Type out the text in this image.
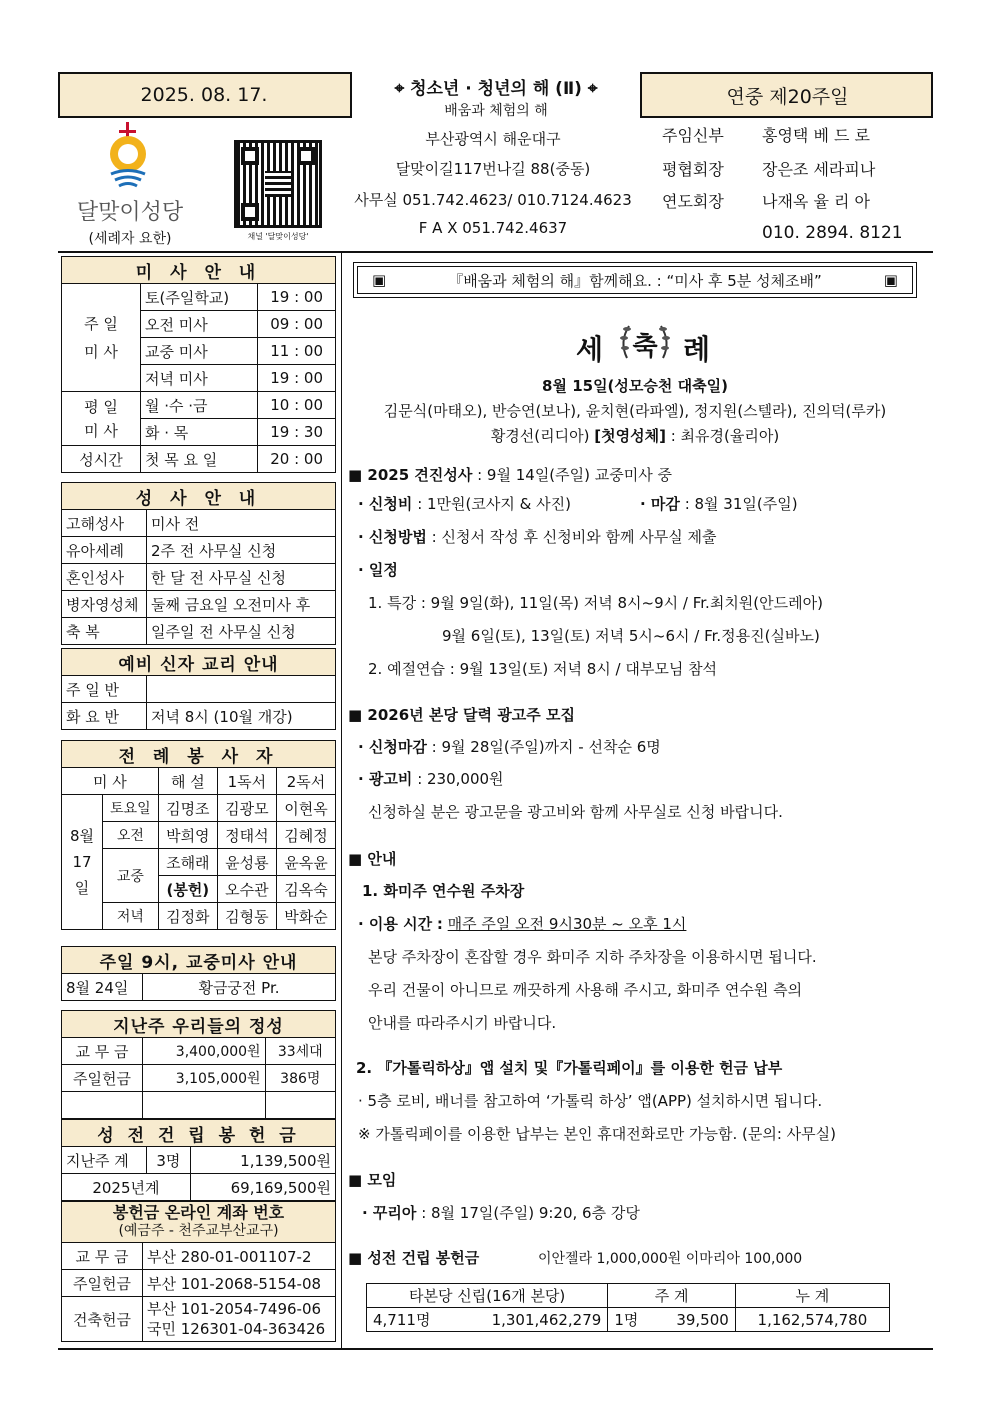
2025. 08. 17.	⌖ 청소년 · 청년의 해 (Ⅱ) ⌖
배움과 체험의 해
연중 제20주일
달맞이성당
(세례자 요한)	채널 '달맞이성당'
부산광역시 해운대구
달맞이길117번나길 88(중동)
사무실 051.742.4623/ 010.7124.4623
F A X 051.742.4637
주임신부 홍영택 베 드 로
평협회장 장은조 세라피나
연도회장 나재옥 율 리 아
010. 2894. 8121
미 사 안 내		
주 일
미 사	토(주일학교)	19 : 00
	오전 미사	09 : 00
	교중 미사	11 : 00
	저녁 미사	19 : 00
평 일
미 사	월 ·수 ·금	10 : 00
	화 · 목	19 : 30
성시간	첫 목 요 일	20 : 00
성 사 안 내	
고해성사	미사 전
유아세례	2주 전 사무실 신청
혼인성사	한 달 전 사무실 신청
병자영성체	둘째 금요일 오전미사 후
축 복	일주일 전 사무실 신청
예비 신자 교리 안내	
주 일 반	
화 요 반	저녁 8시 (10월 개강)
전 례 봉 사 자				
미 사		해 설	1독서	2독서
8월
17일	토요일	김명조	김광모	이현옥
	오전	박희영	정태석	김혜정
	교중	조해래	윤성룡	윤옥윤
		(봉헌)	오수관	김옥숙
	저녁	김정화	김형동	박화순
주일 9시, 교중미사 안내
8월 24일	황금궁전 Pr.
지난주 우리들의 정성		
교 무 금	3,400,000원	33세대
주일헌금	3,105,000원	386명

성 전 건 립 봉 헌 금		
지난주 계	3명	1,139,500원
2025년계		69,169,500원
봉헌금 온라인 계좌 번호
(예금주 - 천주교부산교구)	

교 무 금	부산 280-01-001107-2
주일헌금	부산 101-2068-5154-08
건축헌금	부산 101-2054-7496-06
국민 126301-04-363426
▣	『배움과 체험의 해』함께해요. : “미사 후 5분 성체조배”	▣
세 축 례
8월 15일(성모승천 대축일)
김문식(마태오), 반승연(보나), 윤치현(라파엘), 정지원(스텔라), 진의덕(루카)
황경선(리디아) [첫영성체] : 최유경(율리아)
■ 2025 견진성사 : 9월 14일(주일) 교중미사 중
· 신청비 : 1만원(코사지 & 사진)	· 마감 : 8월 31일(주일)
· 신청방법 : 신청서 작성 후 신청비와 함께 사무실 제출
· 일정
1. 특강 : 9월 9일(화), 11일(목) 저녁 8시~9시 / Fr.최치원(안드레아)
9월 6일(토), 13일(토) 저녁 5시~6시 / Fr.정용진(실바노)
2. 예절연습 : 9월 13일(토) 저녁 8시 / 대부모님 참석
■ 2026년 본당 달력 광고주 모집
· 신청마감 : 9월 28일(주일)까지 - 선착순 6명
· 광고비 : 230,000원
신청하실 분은 광고문을 광고비와 함께 사무실로 신청 바랍니다.
■ 안내
1. 화미주 연수원 주차장
· 이용 시간 : 매주 주일 오전 9시30분 ~ 오후 1시
본당 주차장이 혼잡할 경우 화미주 지하 주차장을 이용하시면 됩니다.
우리 건물이 아니므로 깨끗하게 사용해 주시고, 화미주 연수원 측의
안내를 따라주시기 바랍니다.
2. 『가톨릭하상』앱 설치 및『가톨릭페이』를 이용한 헌금 납부
· 5층 로비, 배너를 참고하여 ‘가톨릭 하상’ 앱(APP) 설치하시면 됩니다.
※ 가톨릭페이를 이용한 납부는 본인 휴대전화로만 가능함. (문의: 사무실)
■ 모임
· 꾸리아 : 8월 17일(주일) 9:20, 6층 강당
■ 성전 건립 봉헌금	이안젤라 1,000,000원 이마리아 100,000
타본당 신립(16개 본당)		주 계		누 계
4,711명	1,301,462,279	1명	39,500	1,162,574,780
